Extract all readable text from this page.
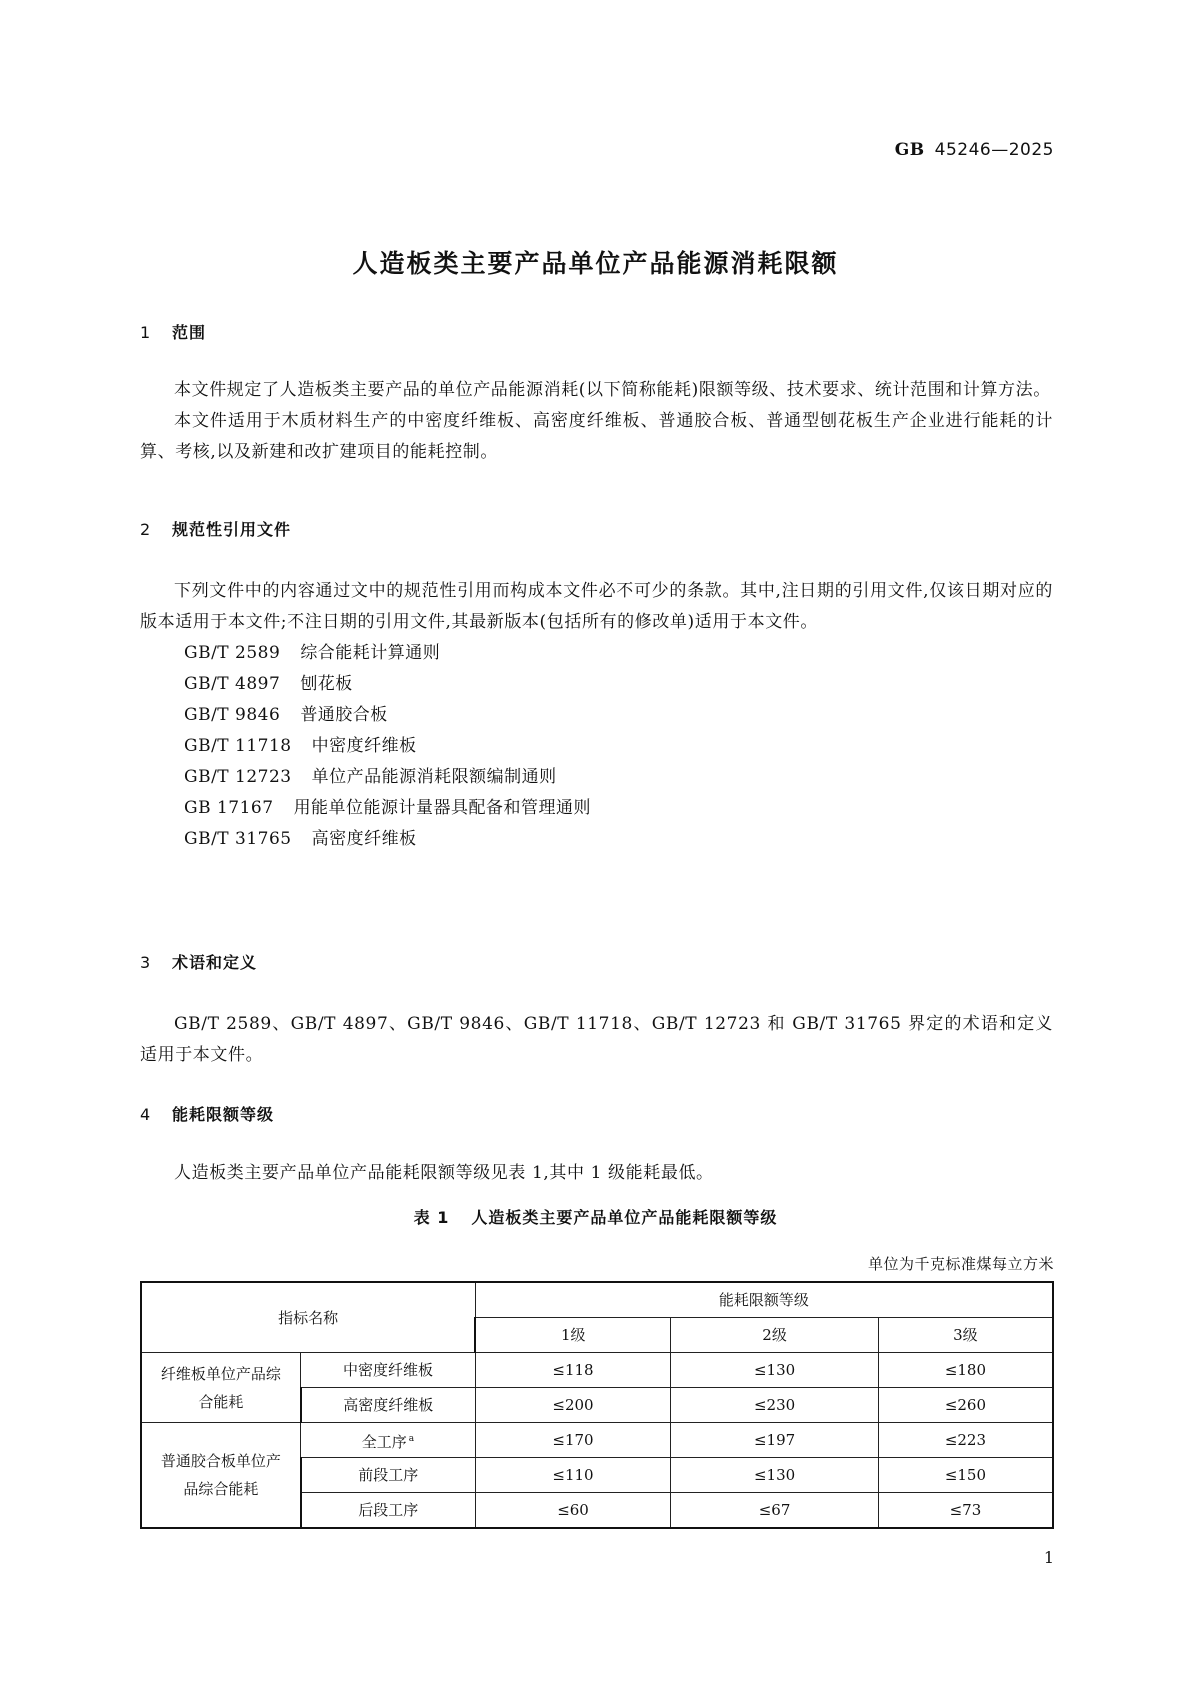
GB 45246—2025
人造板类主要产品单位产品能源消耗限额
1 范围

本文件规定了人造板类主要产品的单位产品能源消耗(以下简称能耗)限额等级、技术要求、统计范围和计算方法。

本文件适用于木质材料生产的中密度纤维板、高密度纤维板、普通胶合板、普通型刨花板生产企业进行能耗的计算、考核,以及新建和改扩建项目的能耗控制。

2 规范性引用文件

下列文件中的内容通过文中的规范性引用而构成本文件必不可少的条款。其中,注日期的引用文件,仅该日期对应的版本适用于本文件;不注日期的引用文件,其最新版本(包括所有的修改单)适用于本文件。

GB/T 2589 综合能耗计算通则
GB/T 4897 刨花板
GB/T 9846 普通胶合板
GB/T 11718 中密度纤维板
GB/T 12723 单位产品能源消耗限额编制通则
GB 17167 用能单位能源计量器具配备和管理通则
GB/T 31765 高密度纤维板
3 术语和定义

GB/T 2589、GB/T 4897、GB/T 9846、GB/T 11718、GB/T 12723 和 GB/T 31765 界定的术语和定义适用于本文件。

4 能耗限额等级

人造板类主要产品单位产品能耗限额等级见表 1,其中 1 级能耗最低。

表 1 人造板类主要产品单位产品能耗限额等级

单位为千克标准煤每立方米
指标名称		能耗限额等级		
		1级	2级	3级
纤维板单位产品综合能耗	中密度纤维板	≤118	≤130	≤180
	高密度纤维板	≤200	≤230	≤260
普通胶合板单位产品综合能耗	全工序 $^a$	≤170	≤197	≤223
	前段工序	≤110	≤130	≤150
	后段工序	≤60	≤67	≤73
1
